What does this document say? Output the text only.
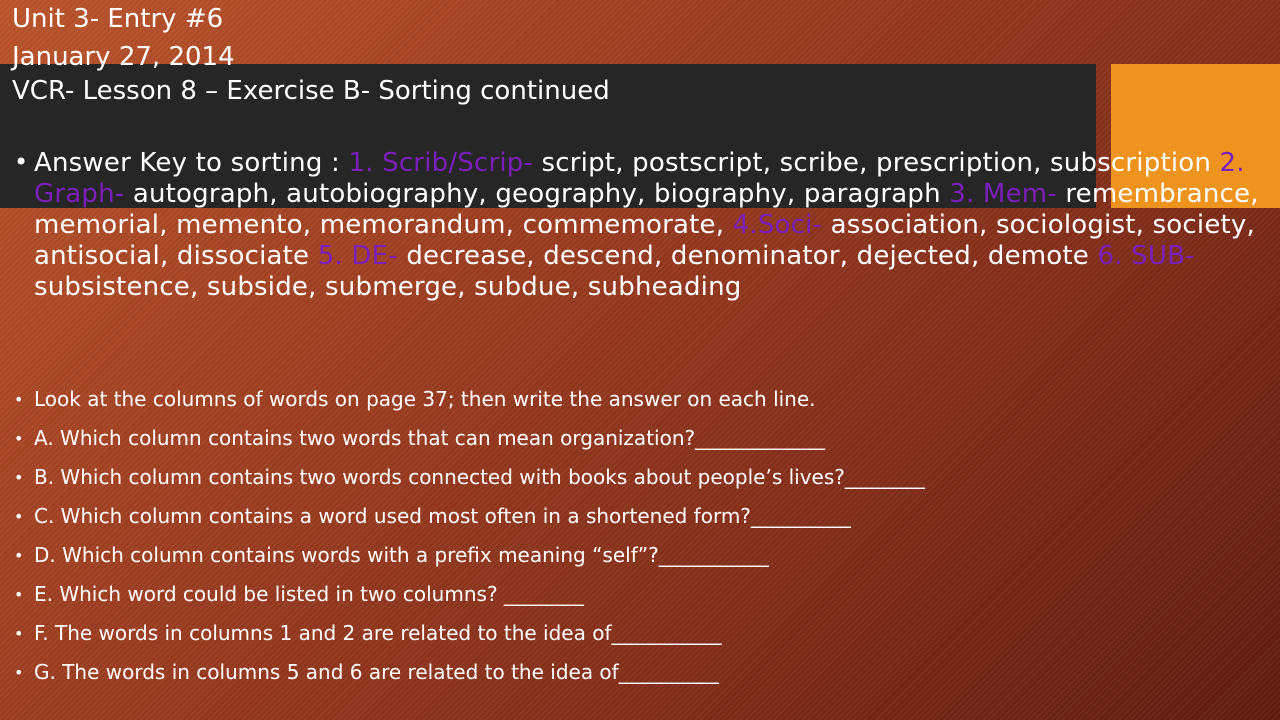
Unit 3- Entry #6
January 27, 2014
VCR- Lesson 8 – Exercise B- Sorting continued
• Answer Key to sorting : 1. Scrib/Scrip- script, postscript, scribe, prescription, subscription 2. Graph- autograph, autobiography, geography, biography, paragraph 3. Mem- remembrance, memorial, memento, memorandum, commemorate, 4.Soci- association, sociologist, society, antisocial, dissociate 5. DE- decrease, descend, denominator, dejected, demote 6. SUB- subsistence, subside, submerge, subdue, subheading
• Look at the columns of words on page 37; then write the answer on each line.
• A. Which column contains two words that can mean organization?_____________
• B. Which column contains two words connected with books about people’s lives?________
• C. Which column contains a word used most often in a shortened form?__________
• D. Which column contains words with a prefix meaning “self”?___________
• E. Which word could be listed in two columns? ________
• F. The words in columns 1 and 2 are related to the idea of___________
• G. The words in columns 5 and 6 are related to the idea of__________
